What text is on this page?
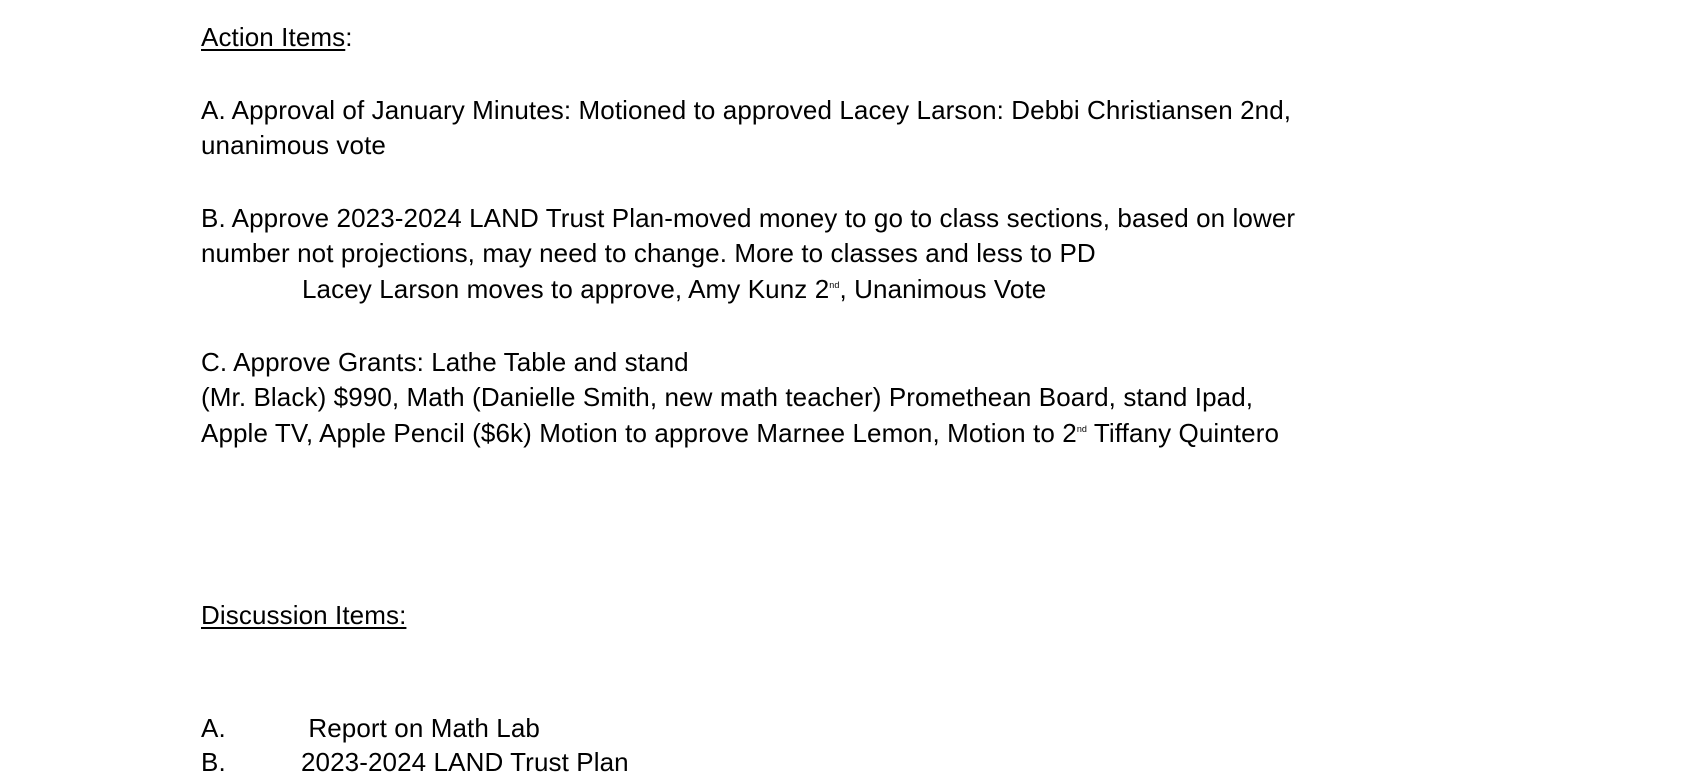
Action Items:
A. Approval of January Minutes: Motioned to approved Lacey Larson: Debbi Christiansen 2nd,
unanimous vote
B. Approve 2023-2024 LAND Trust Plan-moved money to go to class sections, based on lower
number not projections, may need to change. More to classes and less to PD
Lacey Larson moves to approve, Amy Kunz 2nd, Unanimous Vote
C. Approve Grants: Lathe Table and stand
(Mr. Black) $990, Math (Danielle Smith, new math teacher) Promethean Board, stand Ipad,
Apple TV, Apple Pencil ($6k) Motion to approve Marnee Lemon, Motion to 2nd Tiffany Quintero
Discussion Items:
A.	Report on Math Lab
B.	2023-2024 LAND Trust Plan
